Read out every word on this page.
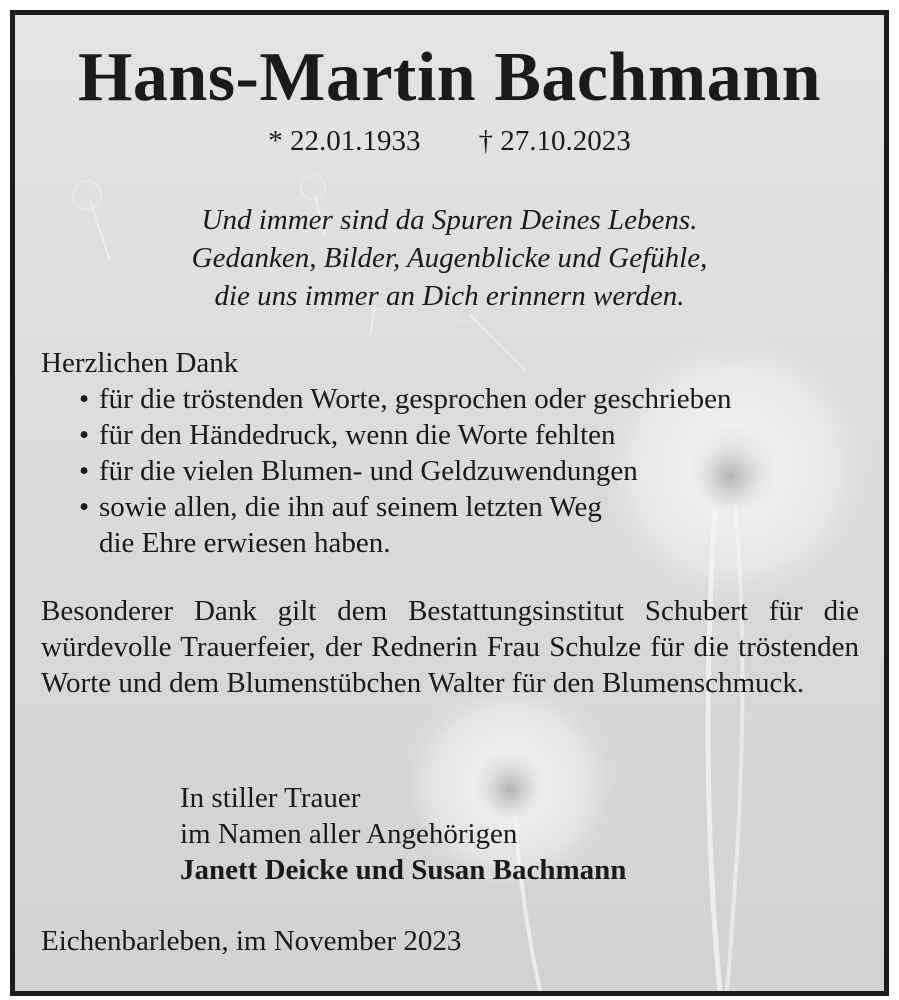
Hans-Martin Bachmann
* 22.01.1933 † 27.10.2023
Und immer sind da Spuren Deines Lebens.
Gedanken, Bilder, Augenblicke und Gefühle,
die uns immer an Dich erinnern werden.
Herzlichen Dank
• für die tröstenden Worte, gesprochen oder geschrieben
• für den Händedruck, wenn die Worte fehlten
• für die vielen Blumen- und Geldzuwendungen
• sowie allen, die ihn auf seinem letzten Weg
die Ehre erwiesen haben.
Besonderer Dank gilt dem Bestattungsinstitut Schubert für die würdevolle Trauerfeier, der Rednerin Frau Schulze für die tröstenden Worte und dem Blumenstübchen Walter für den Blumenschmuck.
In stiller Trauer
im Namen aller Angehörigen
Janett Deicke und Susan Bachmann
Eichenbarleben, im November 2023
